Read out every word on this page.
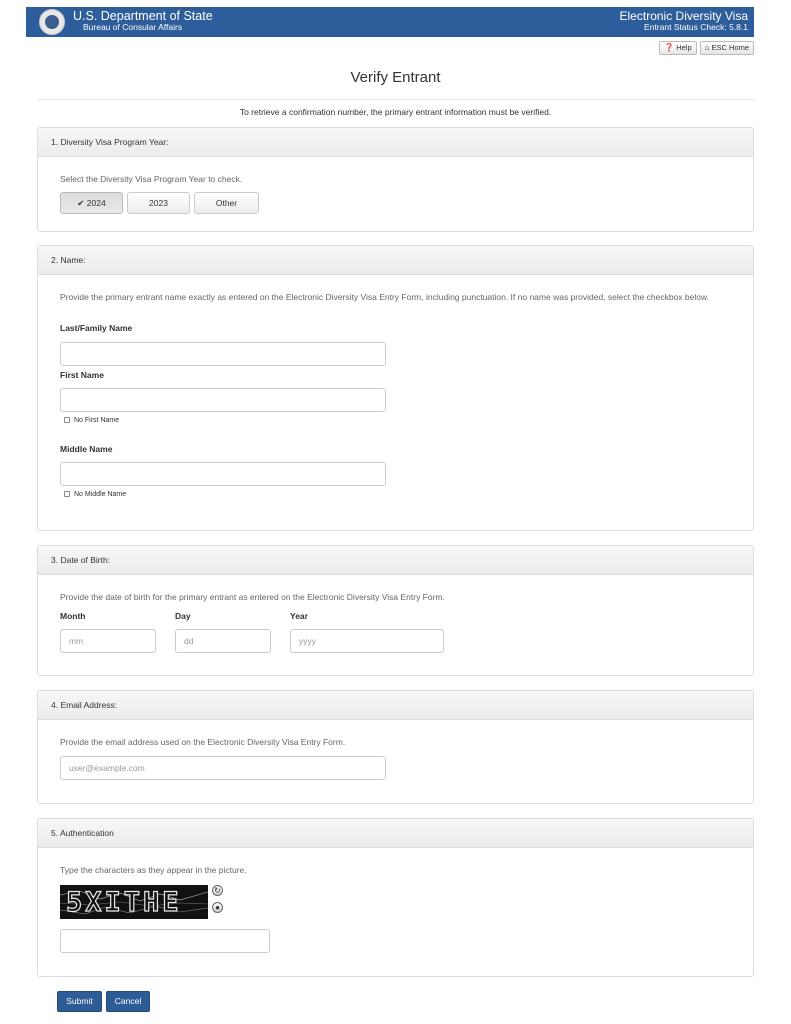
U.S. Department of State
Bureau of Consular Affairs
Electronic Diversity Visa
Entrant Status Check: 5.8.1
❓ Help ⌂ ESC Home
Verify Entrant
To retrieve a confirmation number, the primary entrant information must be verified.
1. Diversity Visa Program Year:
Select the Diversity Visa Program Year to check.
✔ 2024	2023	Other
2. Name:
Provide the primary entrant name exactly as entered on the Electronic Diversity Visa Entry Form, including punctuation. If no name was provided, select the checkbox below.
Last/Family Name
First Name
No First Name
Middle Name
No Middle Name
3. Date of Birth:
Provide the date of birth for the primary entrant as entered on the Electronic Diversity Visa Entry Form.
Month	Day	Year
mm
dd
yyyy
4. Email Address:
Provide the email address used on the Electronic Diversity Visa Entry Form.
user@example.com
5. Authentication
Type the characters as they appear in the picture.
5XITHE	↻
●
Submit	Cancel
